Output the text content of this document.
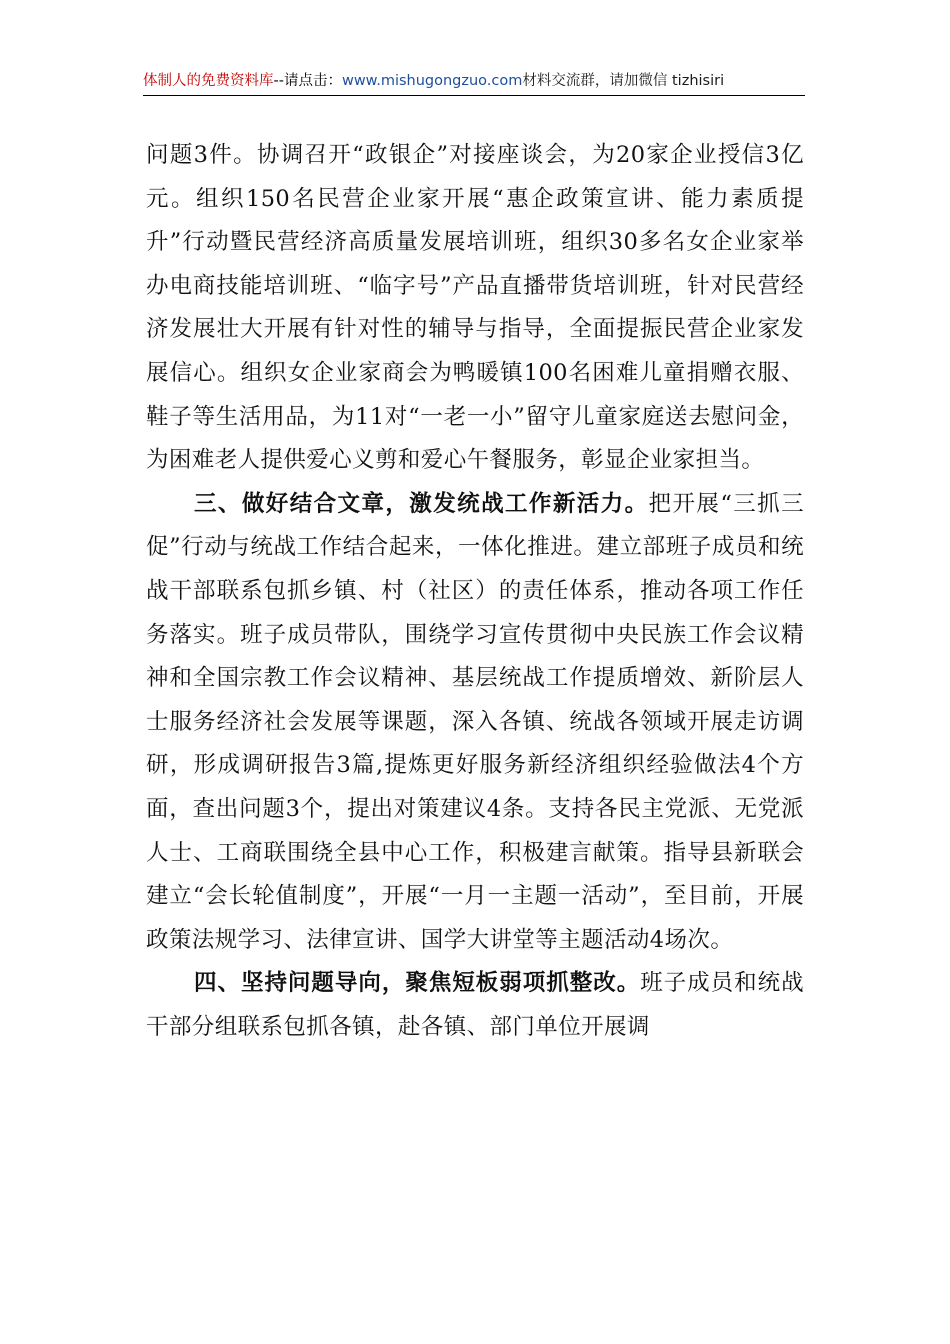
体制人的免费资料库--请点击：www.mishugongzuo.com材料交流群，请加微信 tizhisiri

问题3件。协调召开“政银企”对接座谈会，为20家企业授信3亿元。组织150名民营企业家开展“惠企政策宣讲、能力素质提升”行动暨民营经济高质量发展培训班，组织30多名女企业家举办电商技能培训班、“临字号”产品直播带货培训班，针对民营经济发展壮大开展有针对性的辅导与指导，全面提振民营企业家发展信心。组织女企业家商会为鸭暖镇100名困难儿童捐赠衣服、鞋子等生活用品，为11对“一老一小”留守儿童家庭送去慰问金，为困难老人提供爱心义剪和爱心午餐服务，彰显企业家担当。

三、做好结合文章，激发统战工作新活力。把开展“三抓三促”行动与统战工作结合起来，一体化推进。建立部班子成员和统战干部联系包抓乡镇、村（社区）的责任体系，推动各项工作任务落实。班子成员带队，围绕学习宣传贯彻中央民族工作会议精神和全国宗教工作会议精神、基层统战工作提质增效、新阶层人士服务经济社会发展等课题，深入各镇、统战各领域开展走访调研，形成调研报告3篇,提炼更好服务新经济组织经验做法4个方面，查出问题3个，提出对策建议4条。支持各民主党派、无党派人士、工商联围绕全县中心工作，积极建言献策。指导县新联会建立“会长轮值制度”，开展“一月一主题一活动”，至目前，开展政策法规学习、法律宣讲、国学大讲堂等主题活动4场次。

四、坚持问题导向，聚焦短板弱项抓整改。班子成员和统战干部分组联系包抓各镇，赴各镇、部门单位开展调
